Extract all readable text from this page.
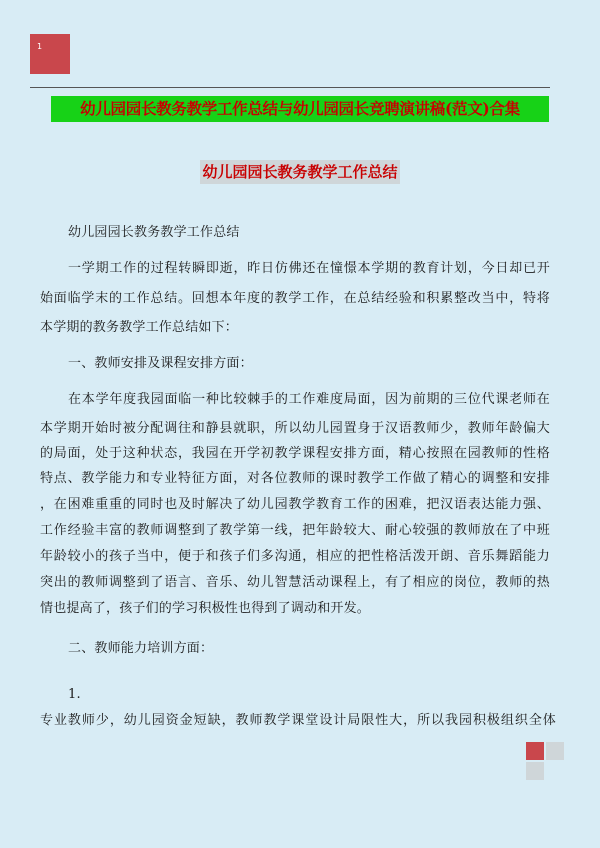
1
幼儿园园长教务教学工作总结与幼儿园园长竞聘演讲稿(范文)合集
幼儿园园长教务教学工作总结
幼儿园园长教务教学工作总结
一学期工作的过程转瞬即逝，昨日仿佛还在憧憬本学期的教育计划，今日却已开
始面临学末的工作总结。回想本年度的教学工作，在总结经验和积累整改当中，特将
本学期的教务教学工作总结如下：
一、教师安排及课程安排方面：
在本学年度我园面临一种比较棘手的工作难度局面，因为前期的三位代课老师在
本学期开始时被分配调往和静县就职，所以幼儿园置身于汉语教师少，教师年龄偏大
的局面，处于这种状态，我园在开学初教学课程安排方面，精心按照在园教师的性格
特点、教学能力和专业特征方面，对各位教师的课时教学工作做了精心的调整和安排
，在困难重重的同时也及时解决了幼儿园教学教育工作的困难，把汉语表达能力强、
工作经验丰富的教师调整到了教学第一线，把年龄较大、耐心较强的教师放在了中班
年龄较小的孩子当中，便于和孩子们多沟通，相应的把性格活泼开朗、音乐舞蹈能力
突出的教师调整到了语言、音乐、幼儿智慧活动课程上，有了相应的岗位，教师的热
情也提高了，孩子们的学习积极性也得到了调动和开发。
二、教师能力培训方面：
1.
专业教师少，幼儿园资金短缺，教师教学课堂设计局限性大，所以我园积极组织全体
